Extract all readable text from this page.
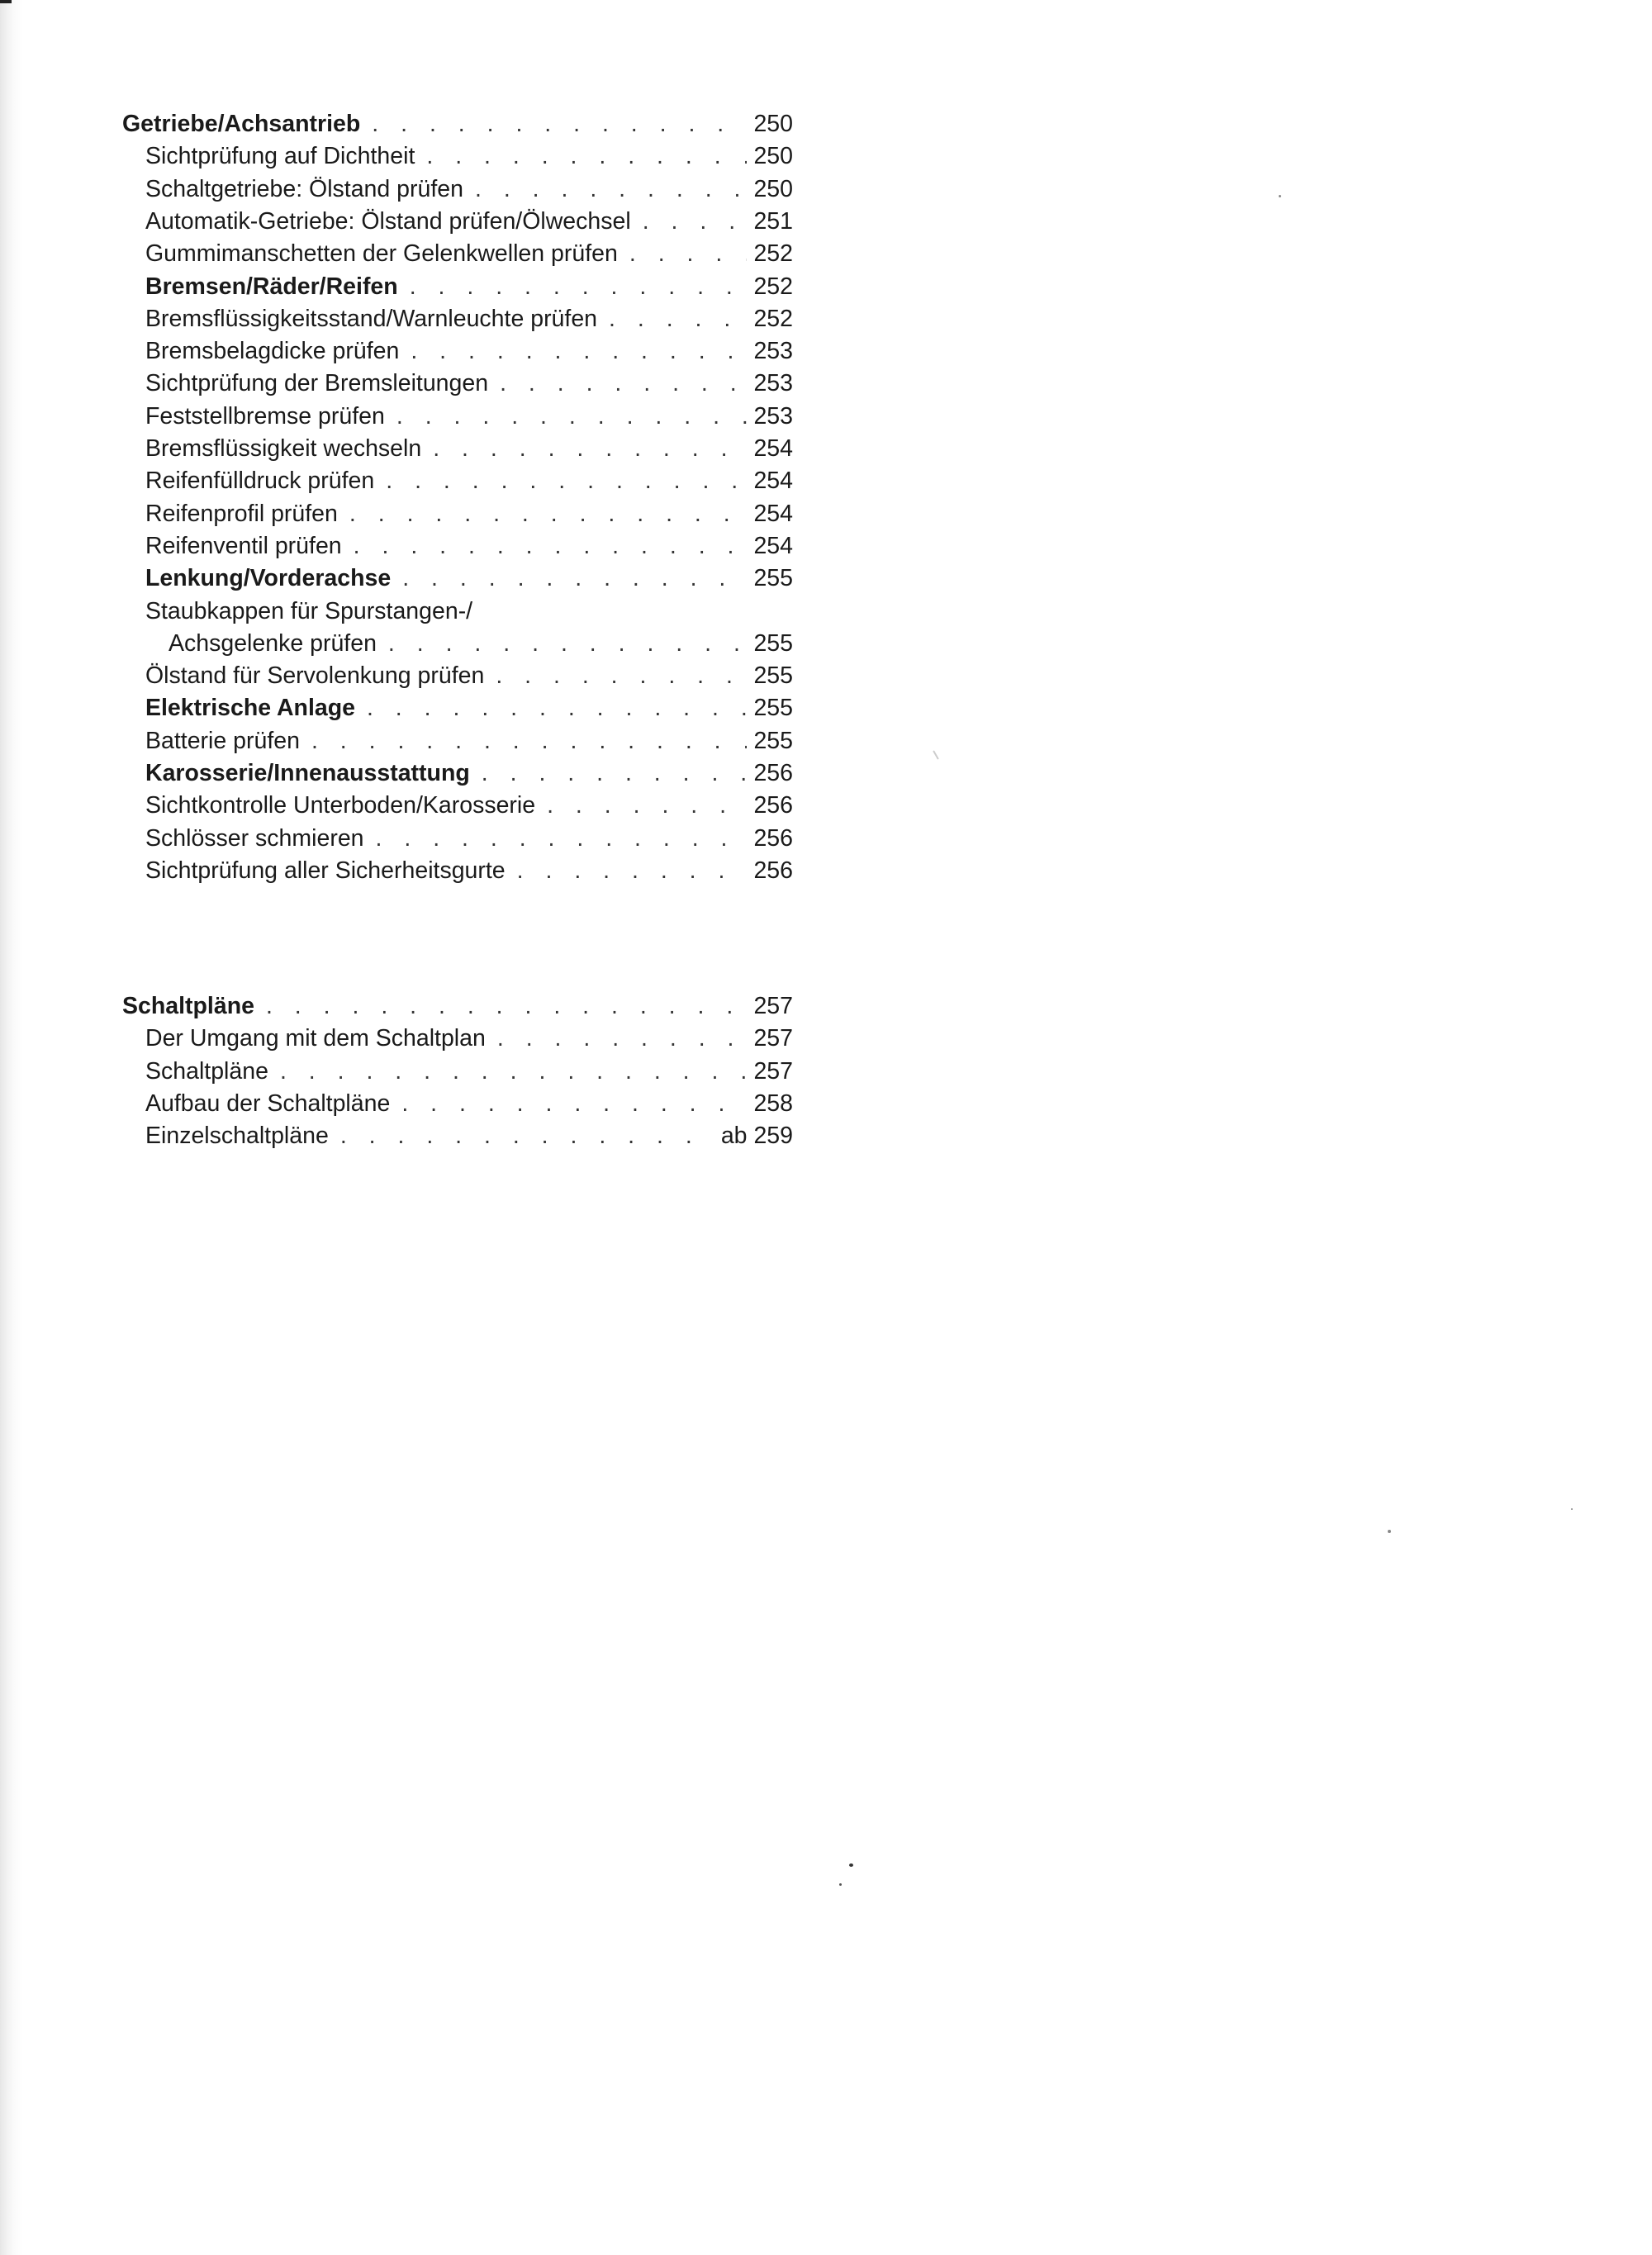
Getriebe/Achsantrieb . . .	250
Sichtprüfung auf Dichtheit . . .	250
Schaltgetriebe: Ölstand prüfen . . .	250
Automatik-Getriebe: Ölstand prüfen/Ölwechsel . . .	251
Gummimanschetten der Gelenkwellen prüfen . . .	252
Bremsen/Räder/Reifen . . .	252
Bremsflüssigkeitsstand/Warnleuchte prüfen . . .	252
Bremsbelagdicke prüfen . . .	253
Sichtprüfung der Bremsleitungen . . .	253
Feststellbremse prüfen . . .	253
Bremsflüssigkeit wechseln . . .	254
Reifenfülldruck prüfen . . .	254
Reifenprofil prüfen . . .	254
Reifenventil prüfen . . .	254
Lenkung/Vorderachse . . .	255
Staubkappen für Spurstangen-/
Achsgelenke prüfen . . .	255
Ölstand für Servolenkung prüfen . . .	255
Elektrische Anlage . . .	255
Batterie prüfen . . .	255
Karosserie/Innenausstattung . . .	256
Sichtkontrolle Unterboden/Karosserie . . .	256
Schlösser schmieren . . .	256
Sichtprüfung aller Sicherheitsgurte . . .	256
Schaltpläne . . .	257
Der Umgang mit dem Schaltplan . . .	257
Schaltpläne . . .	257
Aufbau der Schaltpläne . . .	258
Einzelschaltpläne . . .	ab 259
